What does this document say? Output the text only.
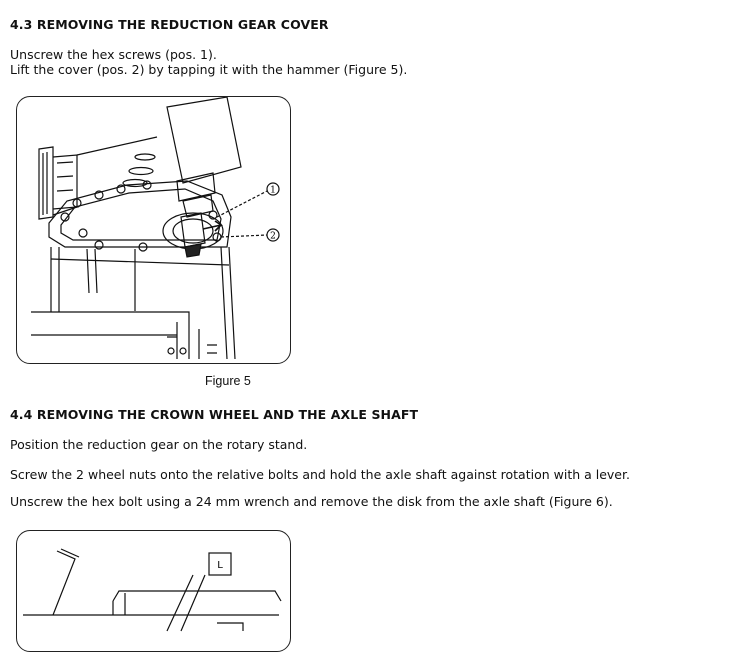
4.3 REMOVING THE REDUCTION GEAR COVER
Unscrew the hex screws (pos. 1).
Lift the cover (pos. 2) by tapping it with the hammer (Figure 5).
1
2
Figure 5
4.4 REMOVING THE CROWN WHEEL AND THE AXLE SHAFT
Position the reduction gear on the rotary stand.
Screw the 2 wheel nuts onto the relative bolts and hold the axle shaft against rotation with a lever.
Unscrew the hex bolt using a 24 mm wrench and remove the disk from the axle shaft (Figure 6).
L
